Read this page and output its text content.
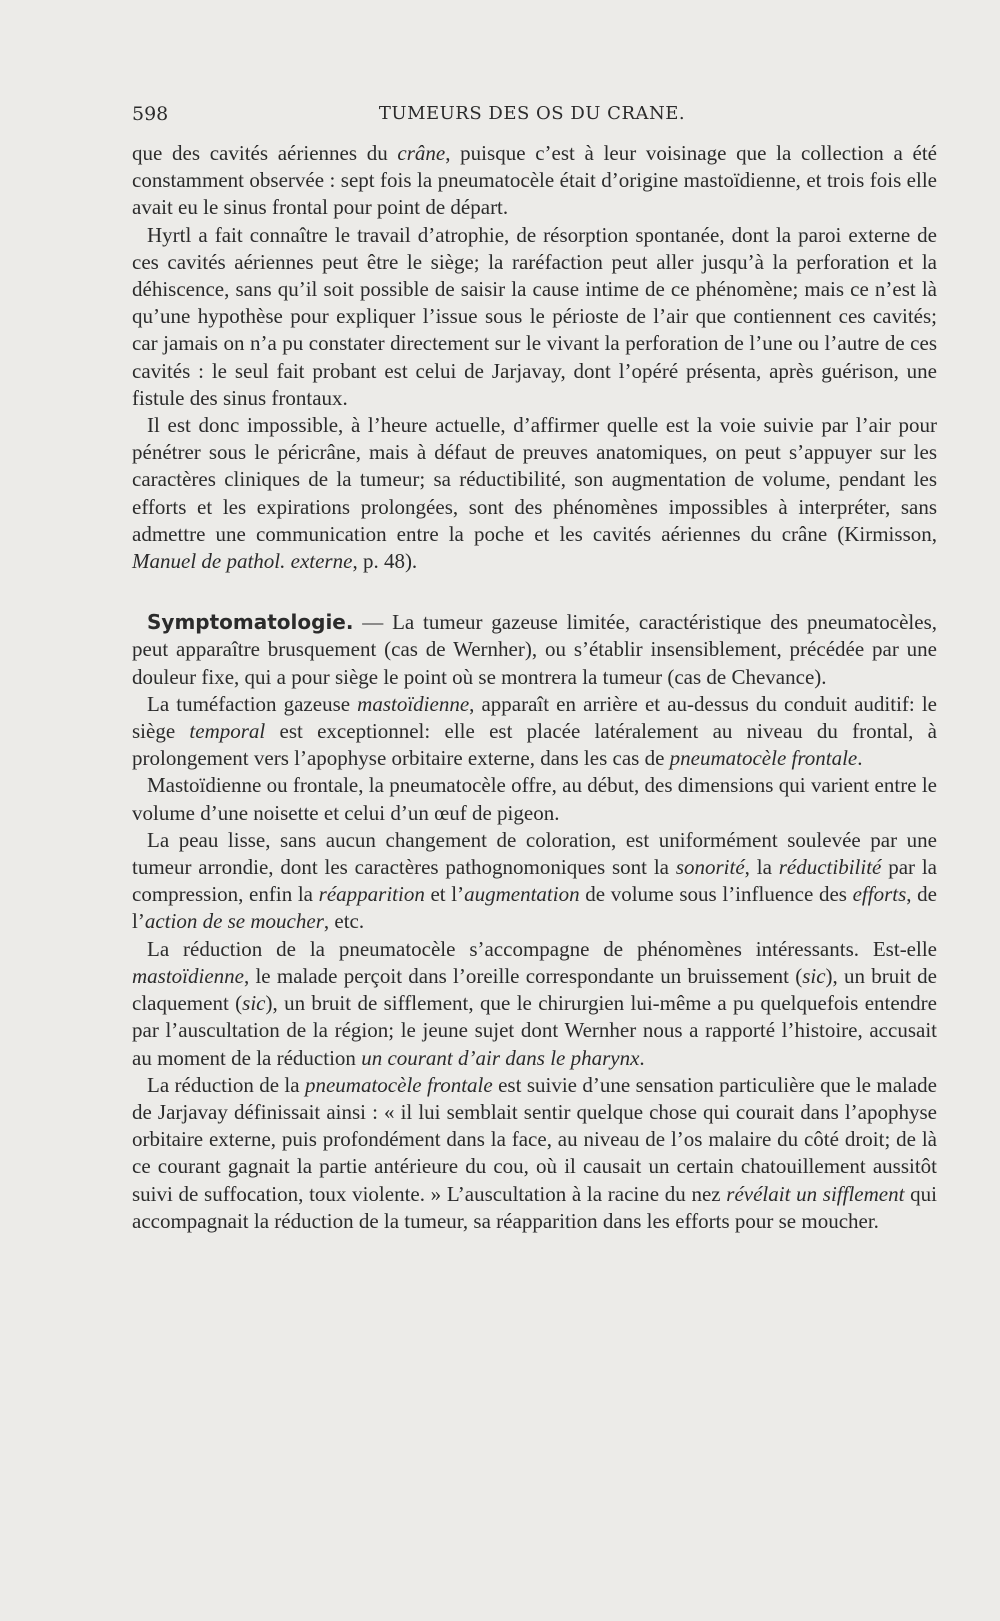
598	TUMEURS DES OS DU CRANE.

que des cavités aériennes du crâne, puisque c’est à leur voisinage que la collection a été constamment observée : sept fois la pneumatocèle était d’origine mastoïdienne, et trois fois elle avait eu le sinus frontal pour point de départ.

Hyrtl a fait connaître le travail d’atrophie, de résorption spontanée, dont la paroi externe de ces cavités aériennes peut être le siège; la raréfaction peut aller jusqu’à la perforation et la déhiscence, sans qu’il soit possible de saisir la cause intime de ce phénomène; mais ce n’est là qu’une hypothèse pour expliquer l’issue sous le périoste de l’air que contiennent ces cavités; car jamais on n’a pu constater directement sur le vivant la perforation de l’une ou l’autre de ces cavités : le seul fait probant est celui de Jarjavay, dont l’opéré présenta, après guérison, une fistule des sinus frontaux.

Il est donc impossible, à l’heure actuelle, d’affirmer quelle est la voie suivie par l’air pour pénétrer sous le péricrâne, mais à défaut de preuves anatomiques, on peut s’appuyer sur les caractères cliniques de la tumeur; sa réductibilité, son augmentation de volume, pendant les efforts et les expirations prolongées, sont des phénomènes impossibles à interpréter, sans admettre une communication entre la poche et les cavités aériennes du crâne (Kirmisson, Manuel de pathol. externe, p. 48).

Symptomatologie. — La tumeur gazeuse limitée, caractéristique des pneumatocèles, peut apparaître brusquement (cas de Wernher), ou s’établir insensiblement, précédée par une douleur fixe, qui a pour siège le point où se montrera la tumeur (cas de Chevance).

La tuméfaction gazeuse mastoïdienne, apparaît en arrière et au-dessus du conduit auditif: le siège temporal est exceptionnel: elle est placée latéralement au niveau du frontal, à prolongement vers l’apophyse orbitaire externe, dans les cas de pneumatocèle frontale.

Mastoïdienne ou frontale, la pneumatocèle offre, au début, des dimensions qui varient entre le volume d’une noisette et celui d’un œuf de pigeon.

La peau lisse, sans aucun changement de coloration, est uniformément soulevée par une tumeur arrondie, dont les caractères pathognomoniques sont la sonorité, la réductibilité par la compression, enfin la réapparition et l’augmentation de volume sous l’influence des efforts, de l’action de se moucher, etc.

La réduction de la pneumatocèle s’accompagne de phénomènes intéressants. Est-elle mastoïdienne, le malade perçoit dans l’oreille correspondante un bruissement (sic), un bruit de claquement (sic), un bruit de sifflement, que le chirurgien lui-même a pu quelquefois entendre par l’auscultation de la région; le jeune sujet dont Wernher nous a rapporté l’histoire, accusait au moment de la réduction un courant d’air dans le pharynx.

La réduction de la pneumatocèle frontale est suivie d’une sensation particulière que le malade de Jarjavay définissait ainsi : « il lui semblait sentir quelque chose qui courait dans l’apophyse orbitaire externe, puis profondément dans la face, au niveau de l’os malaire du côté droit; de là ce courant gagnait la partie antérieure du cou, où il causait un certain chatouillement aussitôt suivi de suffocation, toux violente. » L’auscultation à la racine du nez révélait un sifflement qui accompagnait la réduction de la tumeur, sa réapparition dans les efforts pour se moucher.
